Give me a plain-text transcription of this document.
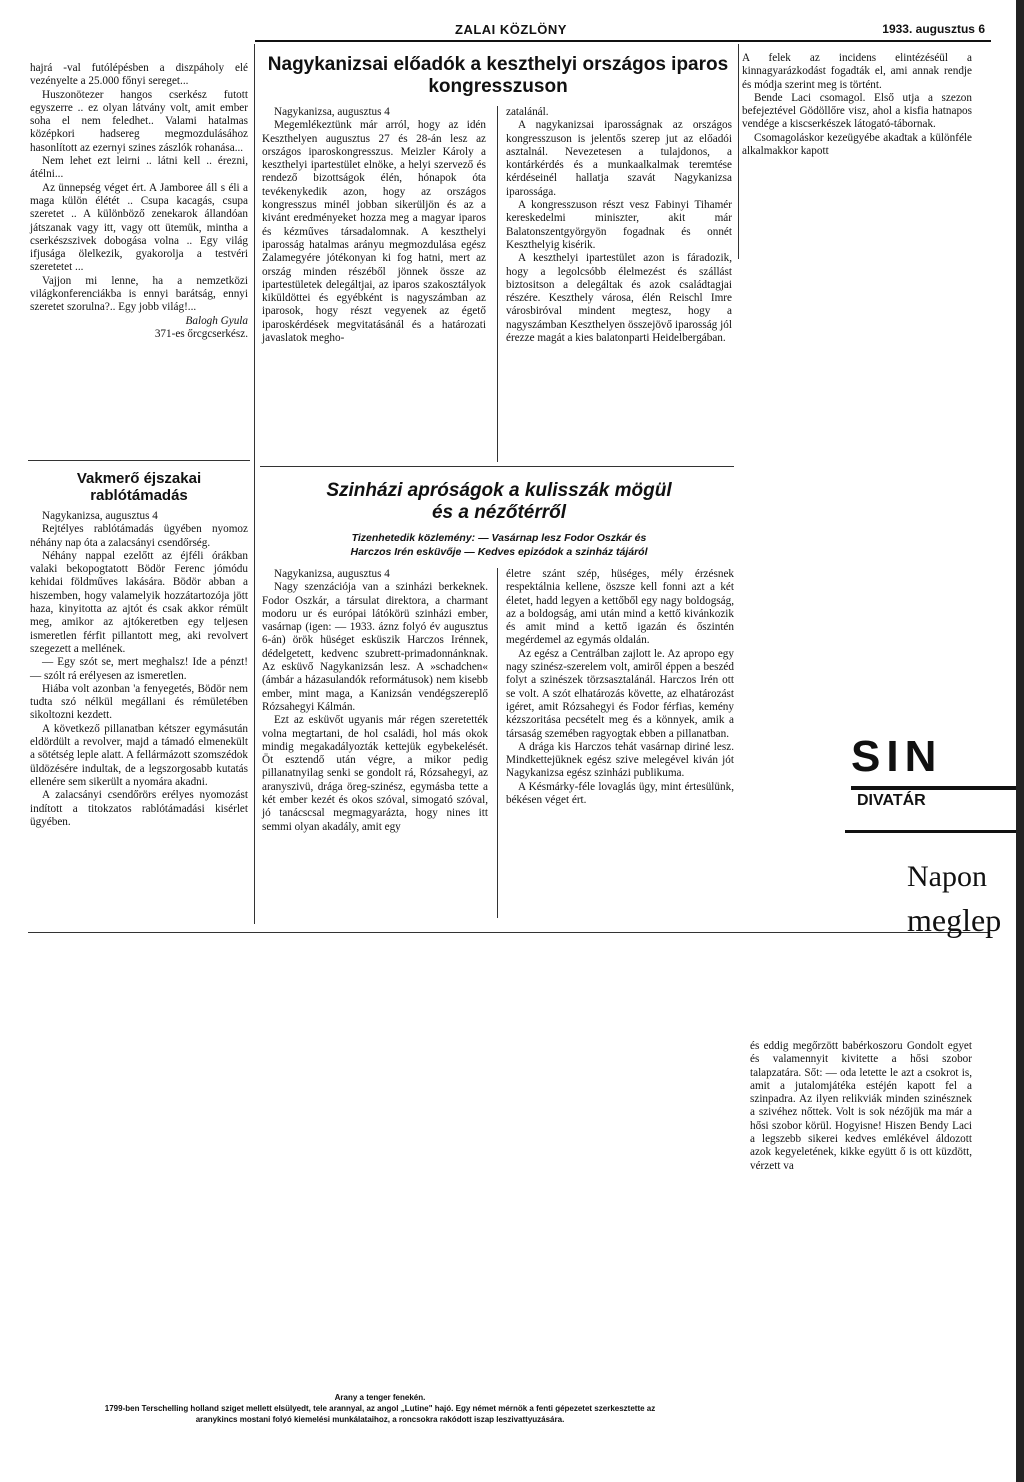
ZALAI KÖZLÖNY	1933. augusztus 6

hajrá -val futólépésben a diszpáholy elé vezényelte a 25.000 főnyi sereget...

Huszonötezer hangos cserkész futott egyszerre .. ez olyan látvány volt, amit ember soha el nem feledhet.. Valami hatalmas középkori hadsereg megmozdulásához hasonlított az ezernyi szines zászlók rohanása...

Nem lehet ezt leirni .. látni kell .. érezni, átélni...

Az ünnepség véget ért. A Jamboree áll s éli a maga külön élétét .. Csupa kacagás, csupa szeretet .. A különböző zenekarok állandóan játszanak vagy itt, vagy ott ütemük, mintha a cserkészszivek dobogása volna .. Egy világ ifjusága ölelkezik, gyakorolja a testvéri szeretetet ...

Vajjon mi lenne, ha a nemzetközi világkonferenciákba is ennyi barátság, ennyi szeretet szorulna?.. Egy jobb világ!...

Balogh Gyula

371-es őrcgcserkész.

Vakmerő éjszakai rablótámadás

Nagykanizsa, augusztus 4

Rejtélyes rablótámadás ügyében nyomoz néhány nap óta a zalacsányi csendőrség.

Néhány nappal ezelőtt az éjféli órákban valaki bekopogtatott Bödör Ferenc jómódu kehidai földműves lakására. Bödör abban a hiszemben, hogy valamelyik hozzátartozója jött haza, kinyitotta az ajtót és csak akkor rémült meg, amikor az ajtókeretben egy teljesen ismeretlen férfit pillantott meg, aki revolvert szegezett a mellének.

— Egy szót se, mert meghalsz! Ide a pénzt! — szólt rá erélyesen az ismeretlen.

Hiába volt azonban 'a fenyegetés, Bödör nem tudta szó nélkül megállani és rémületében sikoltozni kezdett.

A következő pillanatban kétszer egymásután eldördült a revolver, majd a támadó elmenekült a sötétség leple alatt. A fellármázott szomszédok üldözésére indultak, de a legszorgosabb kutatás ellenére sem sikerült a nyomára akadni.

A zalacsányi csendőrörs erélyes nyomozást indított a titokzatos rablótámadási kisérlet ügyében.

Nagykanizsai előadók a keszthelyi országos iparos kongresszuson

Nagykanizsa, augusztus 4

Megemlékeztünk már arról, hogy az idén Keszthelyen augusztus 27 és 28-án lesz az országos iparoskongresszus. Meizler Károly a keszthelyi ipartestület elnöke, a helyi szervező és rendező bizottságok élén, hónapok óta tevékenykedik azon, hogy az országos kongresszus minél jobban sikerüljön és az a kivánt eredményeket hozza meg a magyar iparos és kézműves társadalomnak. A keszthelyi iparosság hatalmas arányu megmozdulása egész Zalamegyére jótékonyan ki fog hatni, mert az ország minden részéből jönnek össze az ipartestületek delegáltjai, az iparos szakosztályok kiküldöttei és egyébként is nagyszámban az iparosok, hogy részt vegyenek az égető iparoskérdések megvitatásánál és a határozati javaslatok megho-

zatalánál.

A nagykanizsai iparosságnak az országos kongresszuson is jelentős szerep jut az előadói asztalnál. Nevezetesen a tulajdonos, a kontárkérdés és a munkaalkalmak teremtése kérdéseinél hallatja szavát Nagykanizsa iparossága.

A kongresszuson részt vesz Fabinyi Tihamér kereskedelmi miniszter, akit már Balatonszentgyörgyön fogadnak és onnét Keszthelyig kisérik.

A keszthelyi ipartestület azon is fáradozik, hogy a legolcsóbb élelmezést és szállást biztositson a delegáltak és azok családtagjai részére. Keszthely városa, élén Reischl Imre városbiróval mindent megtesz, hogy a nagyszámban Keszthelyen összejövő iparosság jól érezze magát a kies balatonparti Heidelbergában.

A felek az incidens elintézéséül a kinnagyarázkodást fogadták el, ami annak rendje és módja szerint meg is történt.

Bende Laci csomagol. Első utja a szezon befejeztével Gödöllőre visz, ahol a kisfia hatnapos vendége a kiscserkészek látogató-tábornak.

Csomagoláskor kezeügyébe akadtak a különféle alkalmakkor kapott

Szinházi apróságok a kulisszák mögül
és a nézőtérről
Tizenhetedik közlemény: — Vasárnap lesz Fodor Oszkár és
Harczos Irén esküvője — Kedves epizódok a szinház tájáról

Nagykanizsa, augusztus 4

Nagy szenzációja van a szinházi berkeknek. Fodor Oszkár, a társulat direktora, a charmant modoru ur és európai látókörü szinházi ember, vasárnap (igen: — 1933. áznz folyó év augusztus 6-án) örök hüséget esküszik Harczos Irénnek, dédelgetett, kedvenc szubrett-primadonnánknak. Az esküvő Nagykanizsán lesz. A »schadchen« (ámbár a házasulandók reformátusok) nem kisebb ember, mint maga, a Kanizsán vendégszereplő Rózsahegyi Kálmán.

Ezt az esküvőt ugyanis már régen szeretették volna megtartani, de hol családi, hol más okok mindig megakadályozták kettejük egybekelését. Öt esztendő után végre, a mikor pedig pillanatnyilag senki se gondolt rá, Rózsahegyi, az aranyszivü, drága öreg-szinész, egymásba tette a két ember kezét és okos szóval, simogató szóval, jó tanácscsal megmagyarázta, hogy nines itt semmi olyan akadály, amit egy

életre szánt szép, hüséges, mély érzésnek respektálnia kellene, öszsze kell fonni azt a két életet, hadd legyen a kettőből egy nagy boldogság, az a boldogság, ami után mind a kettő kivánkozik és amit mind a kettő igazán és őszintén megérdemel az egymás oldalán.

Az egész a Centrálban zajlott le. Az apropo egy nagy szinész-szerelem volt, amiről éppen a beszéd folyt a szinészek törzsasztalánál. Harczos Irén ott se volt. A szót elhatározás követte, az elhatározást igéret, amit Rózsahegyi és Fodor férfias, kemény kézszoritása pecsételt meg és a könnyek, amik a társaság szemében ragyogtak ebben a pillanatban.

A drága kis Harczos tehát vasárnap diriné lesz. Mindkettejüknek egész szive melegével kiván jót Nagykanizsa egész szinházi publikuma.

A Késmárky-féle lovaglás ügy, mint értesülünk, békésen véget ért.

SIN
DIVATÁR
Napon
meglep

és eddig megőrzött babérkoszoru Gondolt egyet és valamennyit kivitette a hősi szobor talapzatára. Sőt: — oda letette le azt a csokrot is, amit a jutalomjátéka estéjén kapott fel a szinpadra. Az ilyen relikviák minden szinésznek a szivéhez nőttek. Volt is sok nézőjük ma már a hősi szobor körül. Hogyisne! Hiszen Bendy Laci a legszebb sikerei kedves emlékével áldozott azok kegyeletének, kikke együtt ő is ott küzdött, vérzett va

Arany a tenger fenekén.
1799-ben Terschelling holland sziget mellett elsülyedt, tele arannyal, az angol „Lutine" hajó. Egy német mérnök a fenti gépezetet szerkesztette az aranykincs mostani folyó kiemelési munkálataihoz, a roncsokra rakódott iszap leszivattyuzására.
